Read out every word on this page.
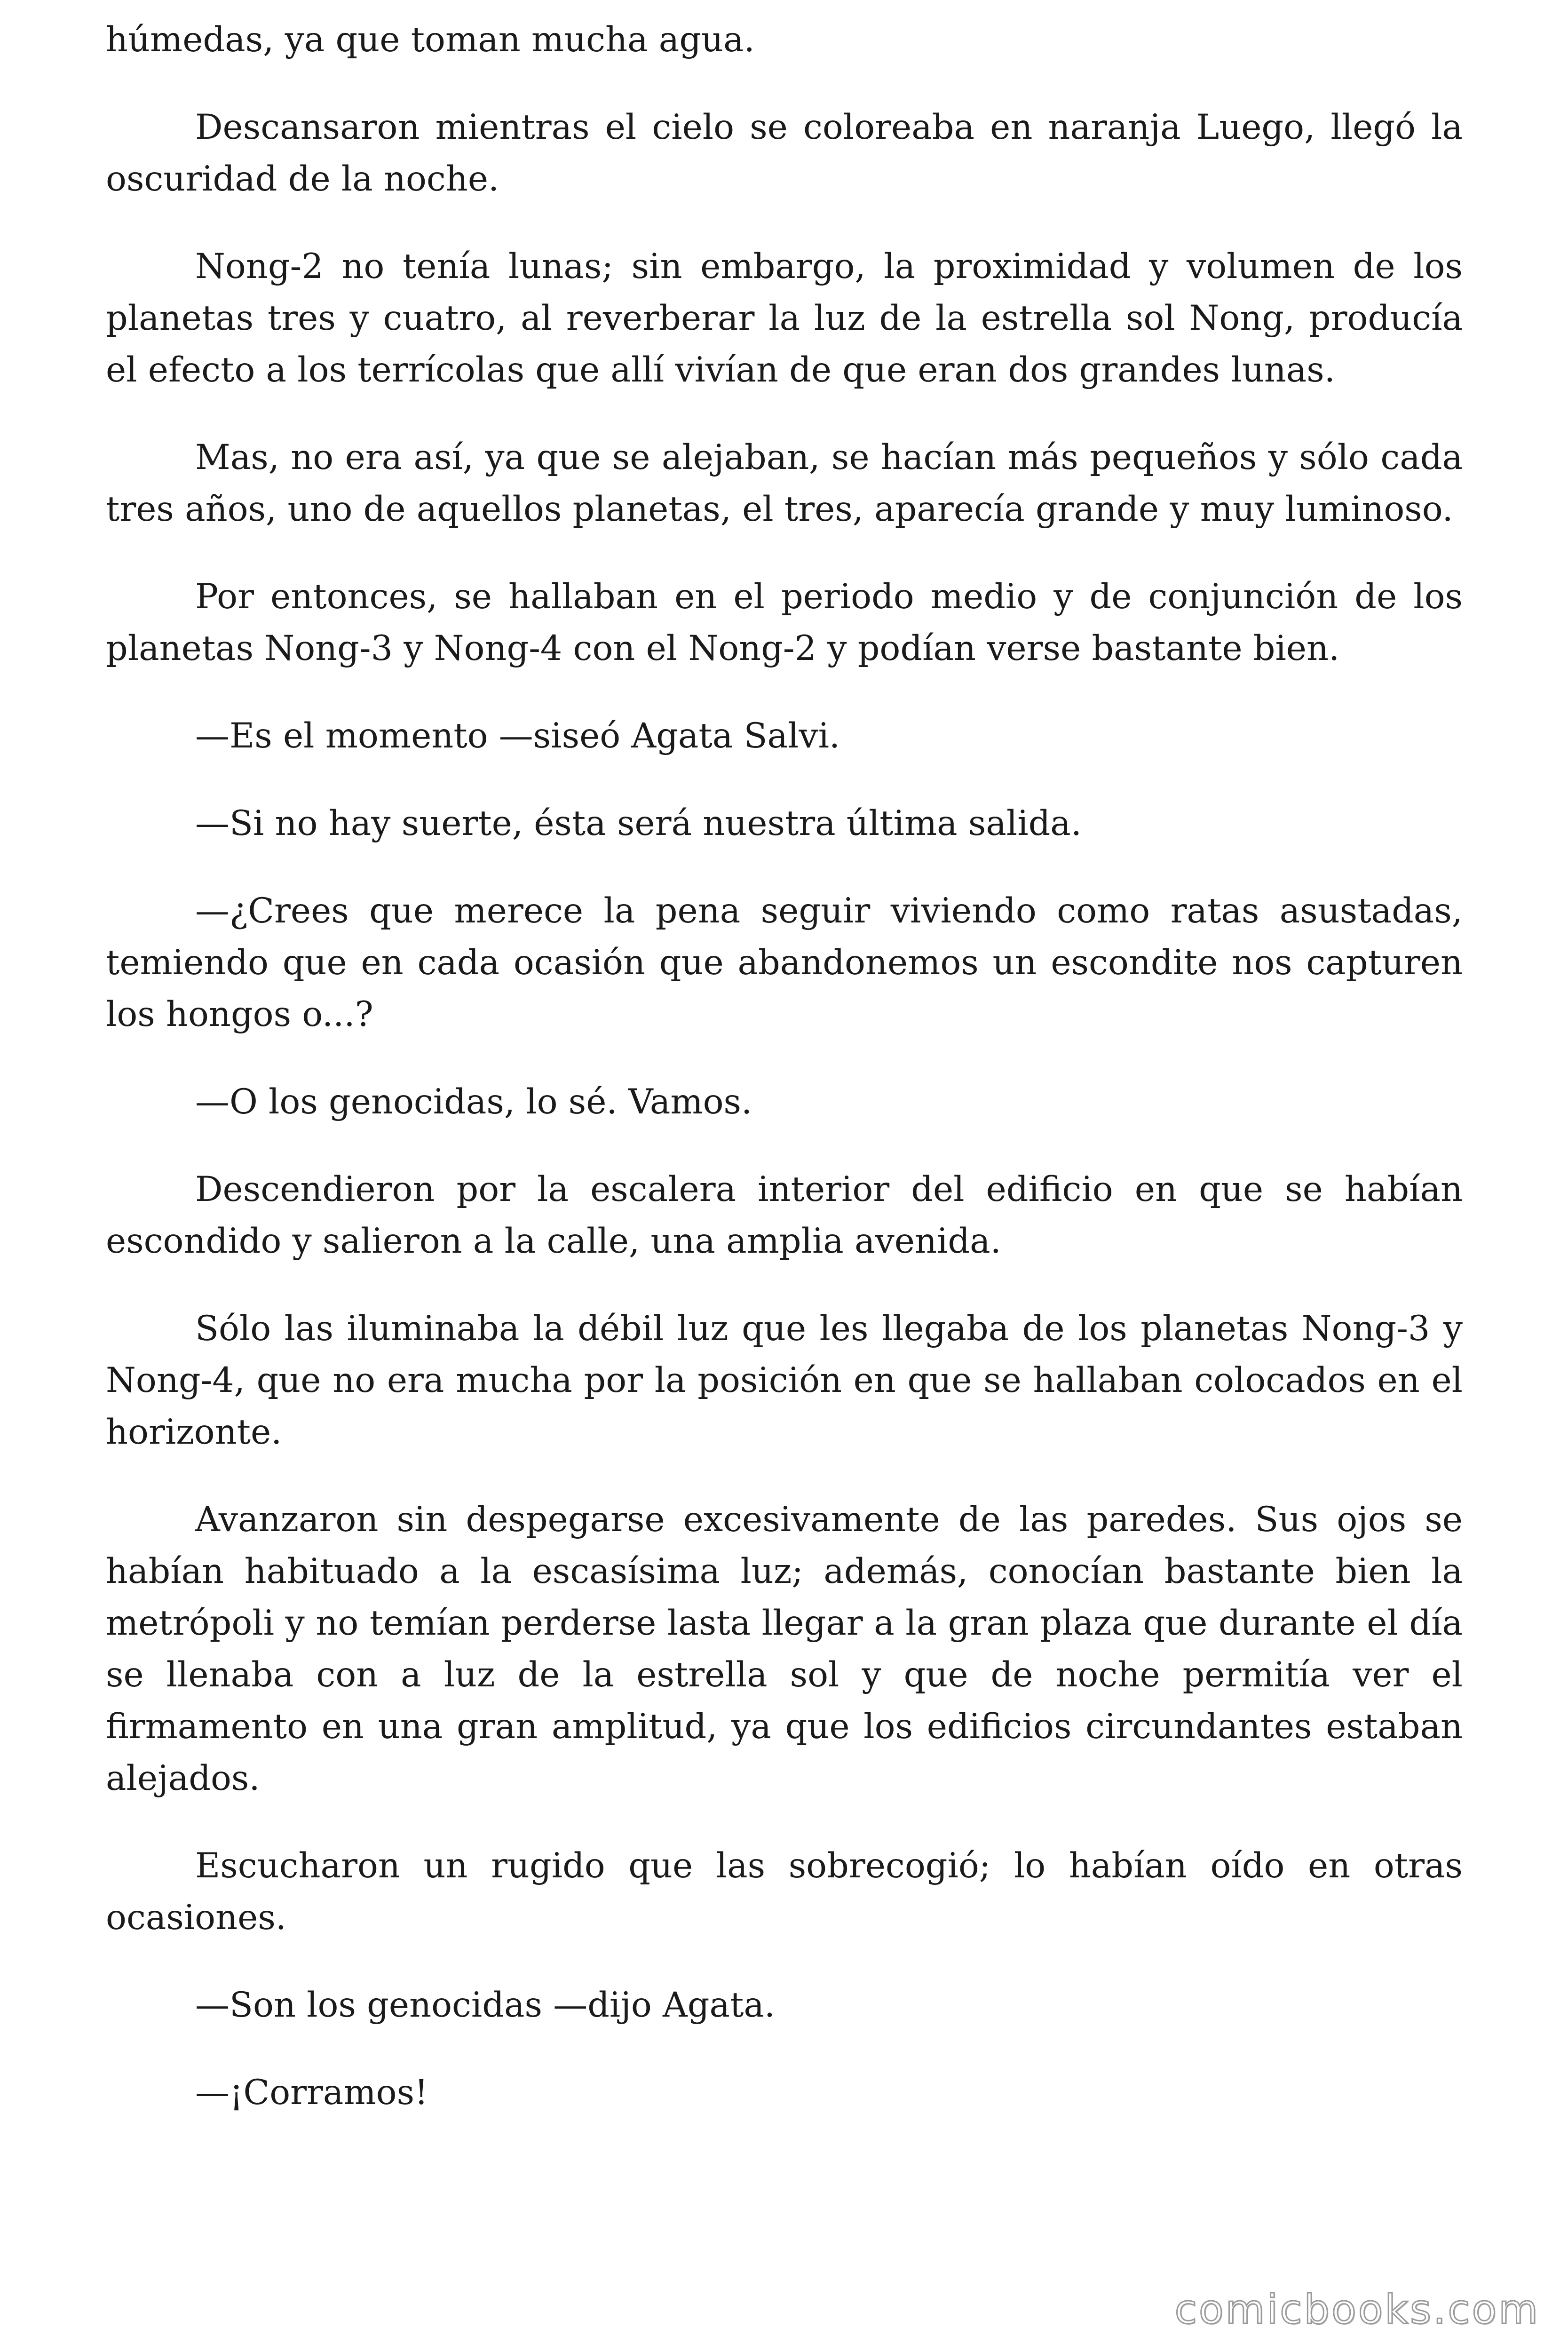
húmedas, ya que toman mucha agua.

Descansaron mientras el cielo se coloreaba en naranja Luego, llegó la oscuridad de la noche.

Nong-2 no tenía lunas; sin embargo, la proximidad y volumen de los planetas tres y cuatro, al reverberar la luz de la estrella sol Nong, producía el efecto a los terrícolas que allí vivían de que eran dos grandes lunas.

Mas, no era así, ya que se alejaban, se hacían más pequeños y sólo cada tres años, uno de aquellos planetas, el tres, aparecía grande y muy luminoso.

Por entonces, se hallaban en el periodo medio y de conjunción de los planetas Nong-3 y Nong-4 con el Nong-2 y podían verse bastante bien.

—Es el momento —siseó Agata Salvi.

—Si no hay suerte, ésta será nuestra última salida.

—¿Crees que merece la pena seguir viviendo como ratas asustadas, temiendo que en cada ocasión que abandonemos un escondite nos capturen los hongos o...?

—O los genocidas, lo sé. Vamos.

Descendieron por la escalera interior del edificio en que se habían escondido y salieron a la calle, una amplia avenida.

Sólo las iluminaba la débil luz que les llegaba de los planetas Nong-3 y Nong-4, que no era mucha por la posición en que se hallaban colocados en el horizonte.

Avanzaron sin despegarse excesivamente de las paredes. Sus ojos se habían habituado a la escasísima luz; además, conocían bastante bien la metrópoli y no temían perderse lasta llegar a la gran plaza que durante el día se llenaba con a luz de la estrella sol y que de noche permitía ver el firmamento en una gran amplitud, ya que los edificios circundantes estaban alejados.

Escucharon un rugido que las sobrecogió; lo habían oído en otras ocasiones.

—Son los genocidas —dijo Agata.

—¡Corramos!

comicbooks.com
